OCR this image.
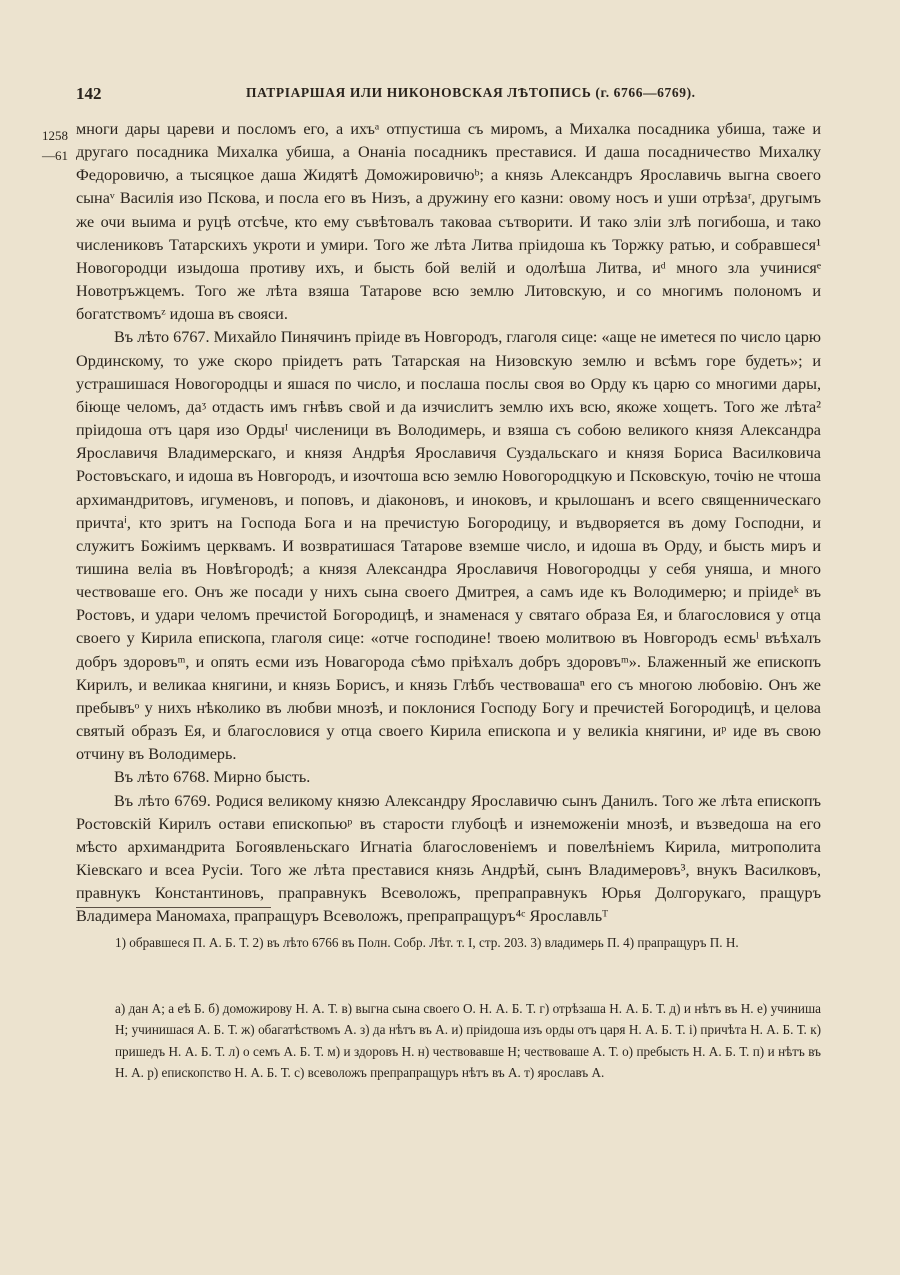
142	ПАТРІАРШАЯ ИЛИ НИКОНОВСКАЯ ЛѢТОПИСЬ (г. 6766—6769).
1258
—61

многи дары цареви и посломъ его, а ихъᵃ отпустиша съ миромъ, а Михалка посадника убиша, таже и другаго посадника Михалка убиша, а Онаніа посадникъ преставися. И даша посадничество Михалку Федоровичю, а тысяцкое даша Жидятѣ Доможировичюᵇ; а князь Александръ Ярославичь выгна своего сынаᵛ Василія изо Пскова, и посла его въ Низъ, а дружину его казни: овому носъ и уши отрѣзаʳ, другымъ же очи выима и руцѣ отсѣче, кто ему съвѣтовалъ таковаа сътворити. И тако зліи злѣ погибоша, и тако числениковъ Татарскихъ укроти и умири. Того же лѣта Литва пріидоша къ Торжку ратью, и собравшеся¹ Новогородци изыдоша противу ихъ, и бысть бой велій и одолѣша Литва, иᵈ много зла учинисяᵉ Новотръжцемъ. Того же лѣта взяша Татарове всю землю Литовскую, и со многимъ полономъ и богатствомъᶻ идоша въ свояси.

Въ лѣто 6767. Михайло Пинячинъ пріиде въ Новгородъ, глаголя сице: «аще не иметеся по число царю Ординскому, то уже скоро пріидетъ рать Татарская на Низовскую землю и всѣмъ горе будеть»; и устрашишася Новогородцы и яшася по число, и послаша послы своя во Орду къ царю со многими дары, біюще челомъ, даᶾ отдасть имъ гнѣвъ свой и да изчислитъ землю ихъ всю, якоже хощетъ. Того же лѣта² пріидоша отъ царя изо Ордыᴵ численици въ Володимерь, и взяша съ собою великого князя Александра Ярославичя Владимерскаго, и князя Андрѣя Ярославичя Суздальскаго и князя Бориса Василковича Ростовъскаго, и идоша въ Новгородъ, и изочтоша всю землю Новогородцкую и Псковскую, точію не чтоша архимандритовъ, игуменовъ, и поповъ, и діаконовъ, и иноковъ, и крылошанъ и всего священническаго причтаⁱ, кто зритъ на Господа Бога и на пречистую Богородицу, и въдворяется въ дому Господни, и служитъ Божіимъ церквамъ. И возвратишася Татарове вземше число, и идоша въ Орду, и бысть миръ и тишина веліа въ Новѣгородѣ; а князя Александра Ярославичя Новогородцы у себя уняша, и много чествоваше его. Онъ же посади у нихъ сына своего Дмитрея, а самъ иде къ Володимерю; и пріидеᵏ въ Ростовъ, и удари челомъ пречистой Богородицѣ, и знаменася у святаго образа Ея, и благословися у отца своего у Кирила епископа, глаголя сице: «отче господине! твоею молитвою въ Новгородъ есмьˡ въѣхалъ добръ здоровъᵐ, и опять есми изъ Новагорода сѣмо пріѣхалъ добръ здоровъᵐ». Блаженный же епископъ Кирилъ, и великаа княгини, и князь Борисъ, и князь Глѣбъ чествовашаⁿ его съ многою любовію. Онъ же пребывъᵒ у нихъ нѣколико въ любви мнозѣ, и поклонися Господу Богу и пречистей Богородицѣ, и целова святый образъ Ея, и благословися у отца своего Кирила епископа и у великіа княгини, иᵖ иде въ свою отчину въ Володимерь.

Въ лѣто 6768. Мирно бысть.

Въ лѣто 6769. Родися великому князю Александру Ярославичю сынъ Данилъ. Того же лѣта епископъ Ростовскій Кирилъ остави епископьюᵖ въ старости глубоцѣ и изнеможеніи мнозѣ, и възведоша на его мѣсто архимандрита Богоявленьскаго Игнатіа благословеніемъ и повелѣніемъ Кирила, митрополита Кіевскаго и всеа Русіи. Того же лѣта преставися князь Андрѣй, сынъ Владимеровъ³, внукъ Василковъ, правнукъ Константиновъ, праправнукъ Всеволожъ, препраправнукъ Юрья Долгорукаго, пращуръ Владимера Маномаха, прапращуръ Всеволожъ, препрапращуръ⁴ᶜ Ярославльᵀ

1) обравшеся П. А. Б. Т. 2) въ лѣто 6766 въ Полн. Собр. Лѣт. т. I, стр. 203. 3) владимерь П. 4) прапращуръ П. Н.

а) дан А; а еѣ Б. б) доможирову Н. А. Т. в) выгна сына своего О. Н. А. Б. Т. г) отрѣзаша Н. А. Б. Т. д) и нѣтъ въ Н. е) учиниша Н; учинишася А. Б. Т. ж) обагатѣствомъ А. з) да нѣтъ въ А. и) пріидоша изъ орды отъ царя Н. А. Б. Т. і) причѣта Н. А. Б. Т. к) пришедъ Н. А. Б. Т. л) о семъ А. Б. Т. м) и здоровъ Н. н) чествовавше Н; чествоваше А. Т. о) пребысть Н. А. Б. Т. п) и нѣтъ въ Н. А. р) епископство Н. А. Б. Т. с) всеволожъ препрапращуръ нѣтъ въ А. т) ярославъ А.
